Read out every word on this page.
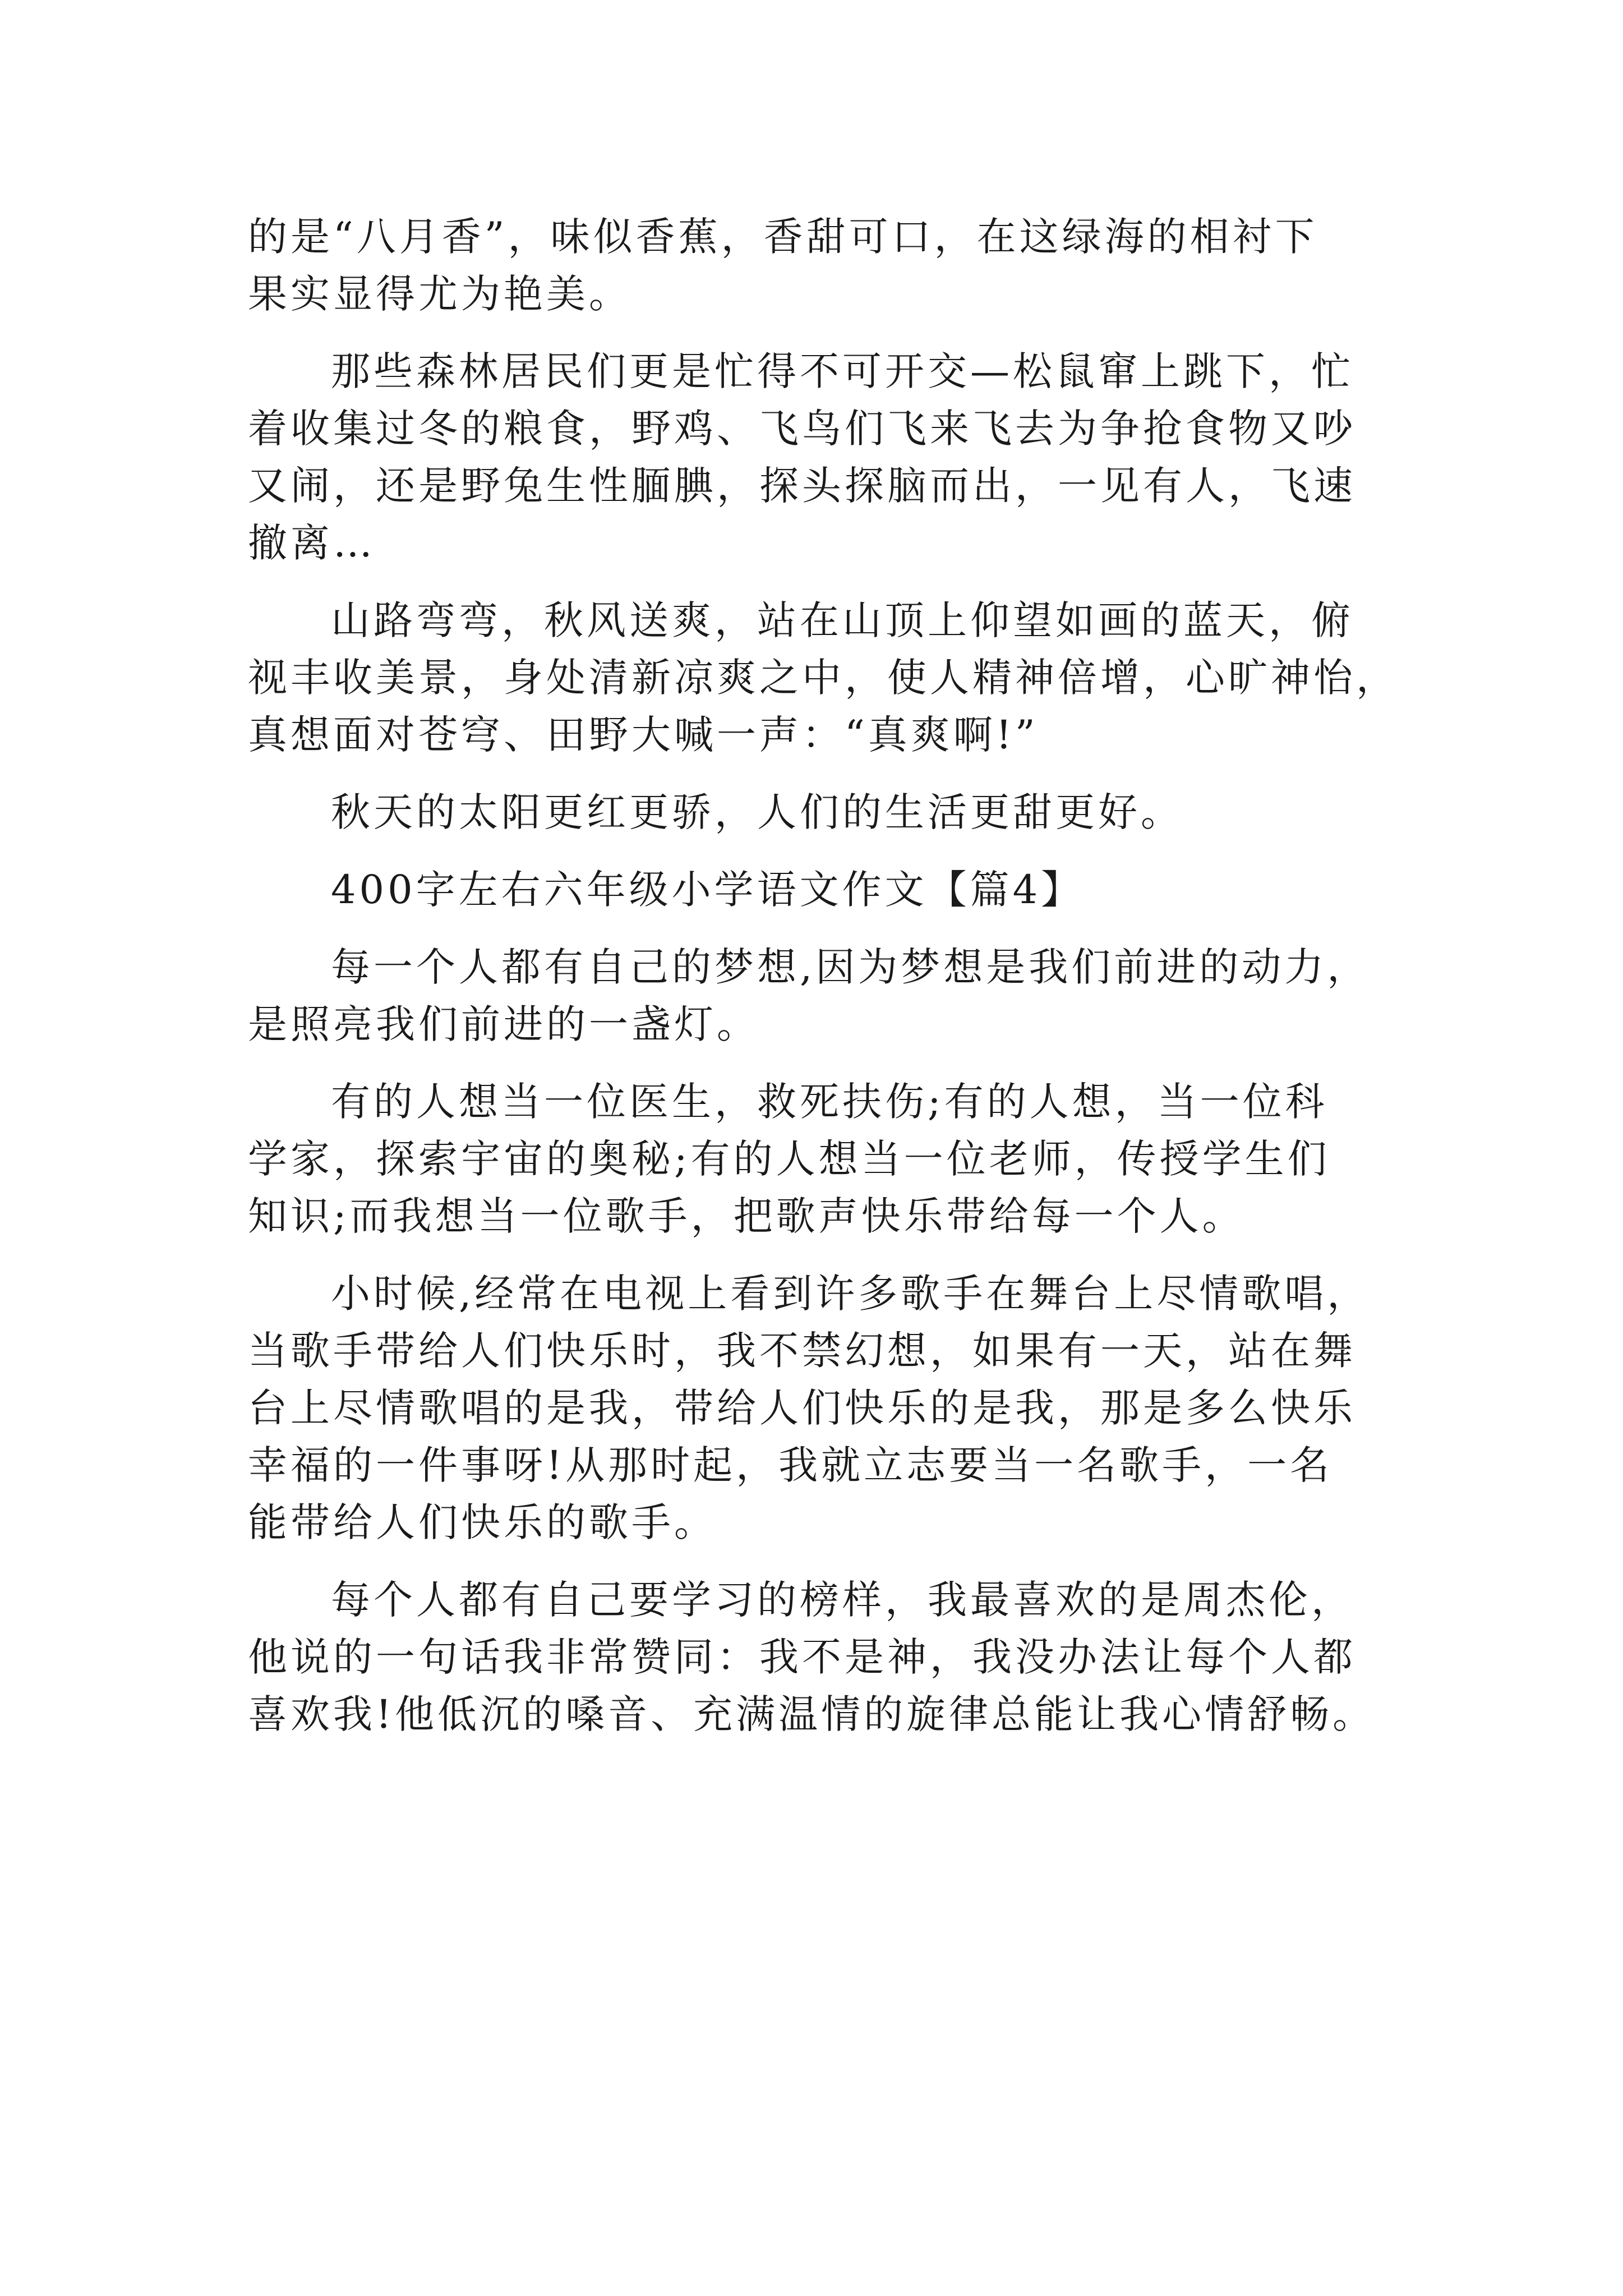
的是“八月香”，味似香蕉，香甜可口，在这绿海的相衬下
果实显得尤为艳美。
那些森林居民们更是忙得不可开交—松鼠窜上跳下，忙
着收集过冬的粮食，野鸡、飞鸟们飞来飞去为争抢食物又吵
又闹，还是野兔生性腼腆，探头探脑而出，一见有人，飞速
撤离…
山路弯弯，秋风送爽，站在山顶上仰望如画的蓝天，俯
视丰收美景，身处清新凉爽之中，使人精神倍增，心旷神怡，
真想面对苍穹、田野大喊一声：“真爽啊!”
秋天的太阳更红更骄，人们的生活更甜更好。
400字左右六年级小学语文作文【篇4】
每一个人都有自己的梦想,因为梦想是我们前进的动力，
是照亮我们前进的一盏灯。
有的人想当一位医生，救死扶伤;有的人想，当一位科
学家，探索宇宙的奥秘;有的人想当一位老师，传授学生们
知识;而我想当一位歌手，把歌声快乐带给每一个人。
小时候,经常在电视上看到许多歌手在舞台上尽情歌唱，
当歌手带给人们快乐时，我不禁幻想，如果有一天，站在舞
台上尽情歌唱的是我，带给人们快乐的是我，那是多么快乐
幸福的一件事呀!从那时起，我就立志要当一名歌手，一名
能带给人们快乐的歌手。
每个人都有自己要学习的榜样，我最喜欢的是周杰伦，
他说的一句话我非常赞同：我不是神，我没办法让每个人都
喜欢我!他低沉的嗓音、充满温情的旋律总能让我心情舒畅。
